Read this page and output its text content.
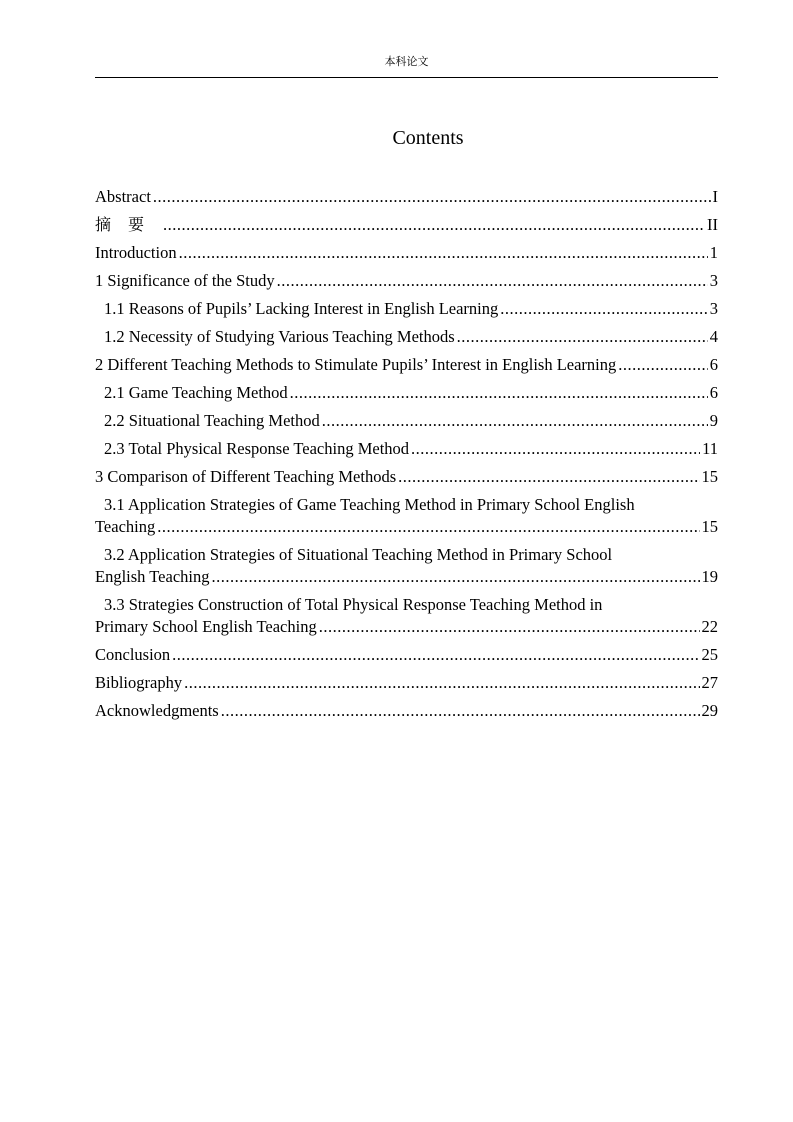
本科论文
Contents
Abstract .....	I
摘要 .....	II
Introduction .....	1
1 Significance of the Study .....	3
1.1 Reasons of Pupils’ Lacking Interest in English Learning .....	3
1.2 Necessity of Studying Various Teaching Methods .....	4
2 Different Teaching Methods to Stimulate Pupils’ Interest in English Learning .....	6
2.1 Game Teaching Method .....	6
2.2 Situational Teaching Method .....	9
2.3 Total Physical Response Teaching Method .....	11
3 Comparison of Different Teaching Methods .....	15
3.1 Application Strategies of Game Teaching Method in Primary School English
Teaching .....	15
3.2 Application Strategies of Situational Teaching Method in Primary School
English Teaching .....	19
3.3 Strategies Construction of Total Physical Response Teaching Method in
Primary School English Teaching .....	22
Conclusion .....	25
Bibliography .....	27
Acknowledgments .....	29
